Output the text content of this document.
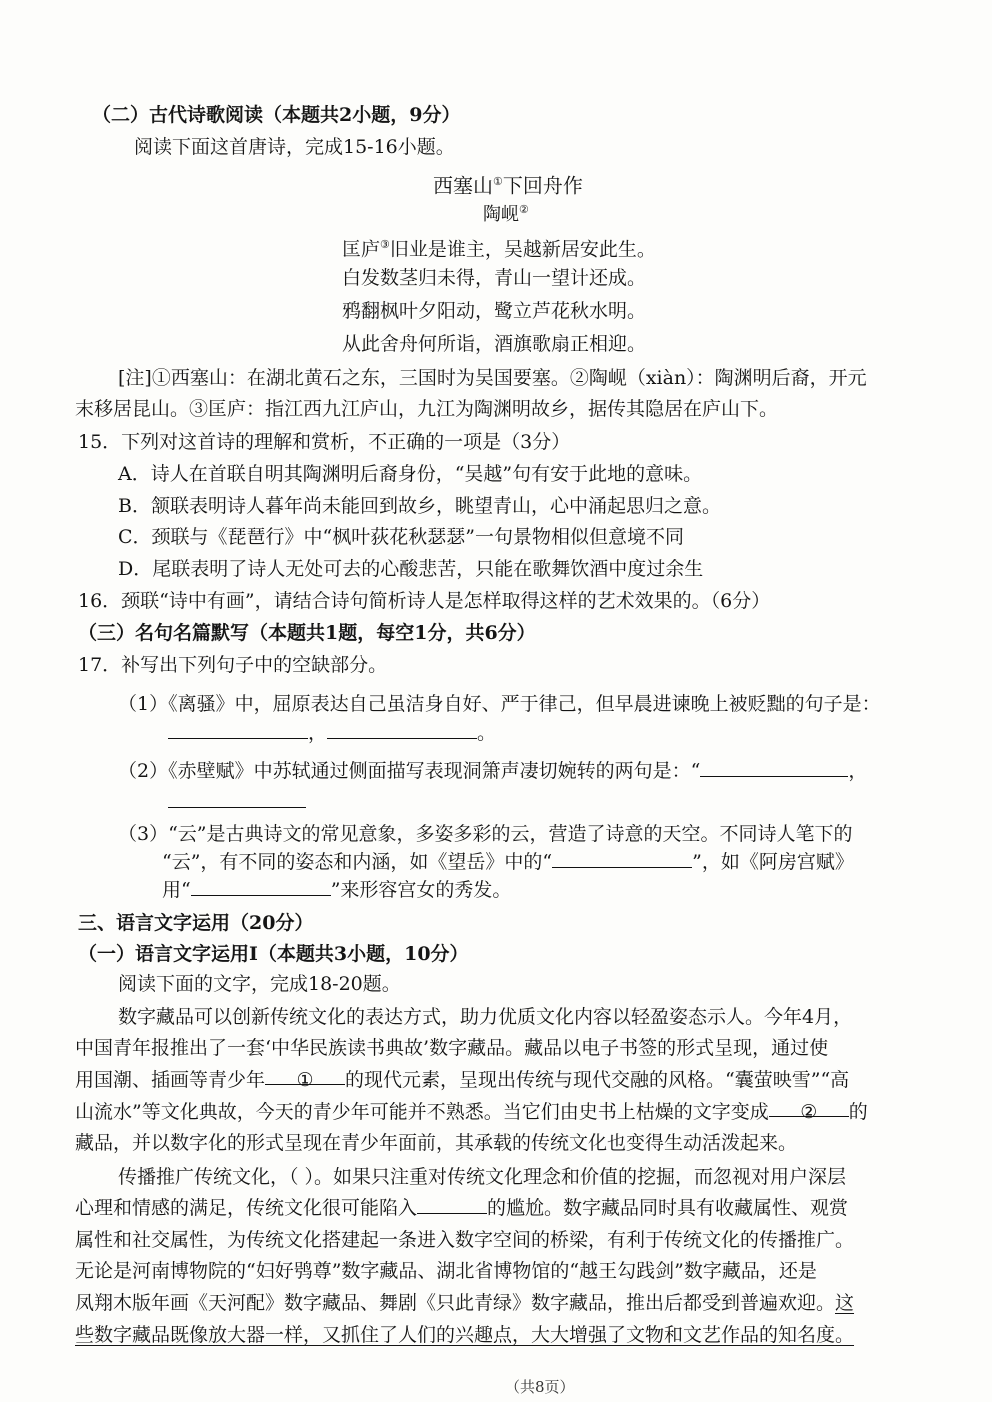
（二）古代诗歌阅读（本题共2小题，9分）
阅读下面这首唐诗，完成15-16小题。
西塞山①下回舟作
陶岘②
匡庐③旧业是谁主，吴越新居安此生。
白发数茎归未得，青山一望计还成。
鸦翻枫叶夕阳动，鹭立芦花秋水明。
从此舍舟何所诣，酒旗歌扇正相迎。
[注]①西塞山：在湖北黄石之东，三国时为吴国要塞。②陶岘（xiàn）：陶渊明后裔，开元
末移居昆山。③匡庐：指江西九江庐山，九江为陶渊明故乡，据传其隐居在庐山下。
15．下列对这首诗的理解和赏析，不正确的一项是（3分）
A．诗人在首联自明其陶渊明后裔身份，“吴越”句有安于此地的意味。
B．颔联表明诗人暮年尚未能回到故乡，眺望青山，心中涌起思归之意。
C．颈联与《琵琶行》中“枫叶荻花秋瑟瑟”一句景物相似但意境不同
D．尾联表明了诗人无处可去的心酸悲苦，只能在歌舞饮酒中度过余生
16．颈联“诗中有画”，请结合诗句简析诗人是怎样取得这样的艺术效果的。（6分）
（三）名句名篇默写（本题共1题，每空1分，共6分）
17．补写出下列句子中的空缺部分。
（1）《离骚》中，屈原表达自己虽洁身自好、严于律己，但早晨进谏晚上被贬黜的句子是：
，	。
（2）《赤壁赋》中苏轼通过侧面描写表现洞箫声凄切婉转的两句是：“	，
（3）“云”是古典诗文的常见意象，多姿多彩的云，营造了诗意的天空。不同诗人笔下的
“云”，有不同的姿态和内涵，如《望岳》中的“	”，如《阿房宫赋》
用“	”来形容宫女的秀发。
三、语言文字运用（20分）
（一）语言文字运用Ⅰ（本题共3小题，10分）
阅读下面的文字，完成18-20题。
数字藏品可以创新传统文化的表达方式，助力优质文化内容以轻盈姿态示人。今年4月，
中国青年报推出了一套‘中华民族读书典故’数字藏品。藏品以电子书签的形式呈现，通过使
用国潮、插画等青少年 ① 的现代元素，呈现出传统与现代交融的风格。“囊萤映雪”“高
山流水”等文化典故，今天的青少年可能并不熟悉。当它们由史书上枯燥的文字变成 ② 的
藏品，并以数字化的形式呈现在青少年面前，其承载的传统文化也变得生动活泼起来。
传播推广传统文化，（ ）。如果只注重对传统文化理念和价值的挖掘，而忽视对用户深层
心理和情感的满足，传统文化很可能陷入	的尴尬。数字藏品同时具有收藏属性、观赏
属性和社交属性，为传统文化搭建起一条进入数字空间的桥梁，有利于传统文化的传播推广。
无论是河南博物院的“妇好鸮尊”数字藏品、湖北省博物馆的“越王勾践剑”数字藏品，还是
凤翔木版年画《天河配》数字藏品、舞剧《只此青绿》数字藏品，推出后都受到普遍欢迎。这
些数字藏品既像放大器一样，又抓住了人们的兴趣点，大大增强了文物和文艺作品的知名度。
（共8页）
